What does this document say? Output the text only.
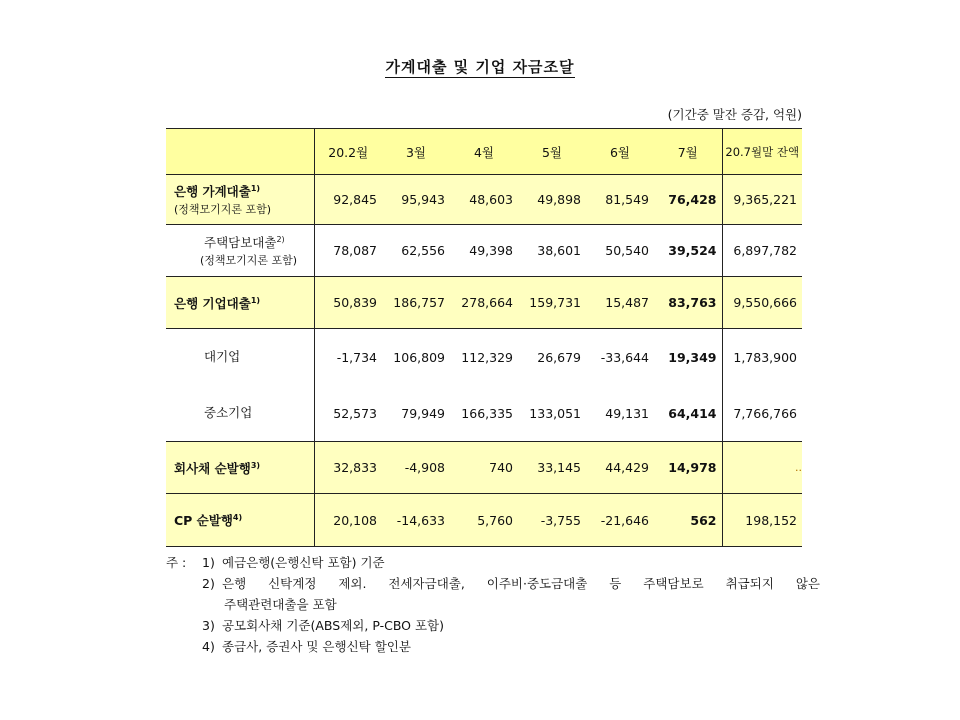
가계대출 및 기업 자금조달
(기간중 말잔 증감, 억원)
	20.2월	3월	4월	5월	6월	7월	20.7월말 잔액
은행 가계대출$^{1)}$
(정책모기지론 포함)	92,845	95,943	48,603	49,898	81,549	76,428	9,365,221
주택담보대출$^{2)}$
(정책모기지론 포함)	78,087	62,556	49,398	38,601	50,540	39,524	6,897,782
은행 기업대출$^{1)}$	50,839	186,757	278,664	159,731	15,487	83,763	9,550,666
대기업	-1,734	106,809	112,329	26,679	-33,644	19,349	1,783,900
중소기업	52,573	79,949	166,335	133,051	49,131	64,414	7,766,766
회사채 순발행$^{3)}$	32,833	-4,908	740	33,145	44,429	14,978	..
CP 순발행$^{4)}$	20,108	-14,633	5,760	-3,755	-21,646	562	198,152
주 :1) 예금은행(은행신탁 포함) 기준
2) 은행 신탁계정 제외. 전세자금대출, 이주비·중도금대출 등 주택담보로 취급되지 않은
주택관련대출을 포함
3) 공모회사채 기준(ABS제외, P-CBO 포함)
4) 종금사, 증권사 및 은행신탁 할인분
